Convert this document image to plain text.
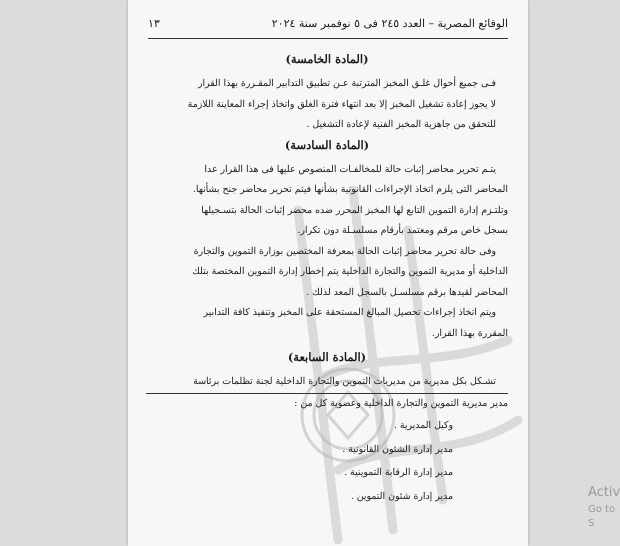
الوقائع المصرية – العدد ٢٤٥ فى ٥ نوفمبر سنة ٢٠٢٤
١٣
(المادة الخامسة)
فـى جميع أحوال غلـق المخبز المترتبة عـن تطبيق التدابير المقـررة بهذا القرار
لا يجوز إعادة تشغيل المخبز إلا بعد انتهاء فترة الغلق واتخاذ إجراء المعاينة اللازمة
للتحقق من جاهزية المخبز الفنية لإعادة التشغيل .
(المادة السادسة)
يتـم تحرير محاضر إثبات حالة للمخالفـات المنصوص عليها فى هذا القرار عدا
المحاضر التى يلزم اتخاذ الإجراءات القانونية بشأنها فيتم تحرير محاضر جنح بشأنها.
وتلتـزم إدارة التموين التابع لها المخبز المحرر ضده محضر إثبات الحالة بتسـجيلها
بسجل خاص مرقم ومعتمد بأرقام مسلسـلة دون تكرار.
وفى حالة تحرير محاضر إثبات الحالة بمعرفة المختصين بوزارة التموين والتجارة
الداخلية أو مديرية التموين والتجارة الداخلية يتم إخطار إدارة التموين المختصة بتلك
المحاضر لقيدها برقم مسلسـل بالسجل المعد لذلك .
ويتم اتخاذ إجراءات تحصيل المبالغ المستحقة على المخبز وتنفيذ كافة التدابير
المقررة بهذا القرار.
(المادة السابعة)
تشـكل بكل مديرية من مديريات التموين والتجارة الداخلية لجنة تظلمات برئاسة
مدير مديرية التموين والتجارة الداخلية وعضوية كل من :
وكيل المديرية .
مدير إدارة الشئون القانونية .
مدير إدارة الرقابة التموينية .
مدير إدارة شئون التموين .	Activ
Go to S
